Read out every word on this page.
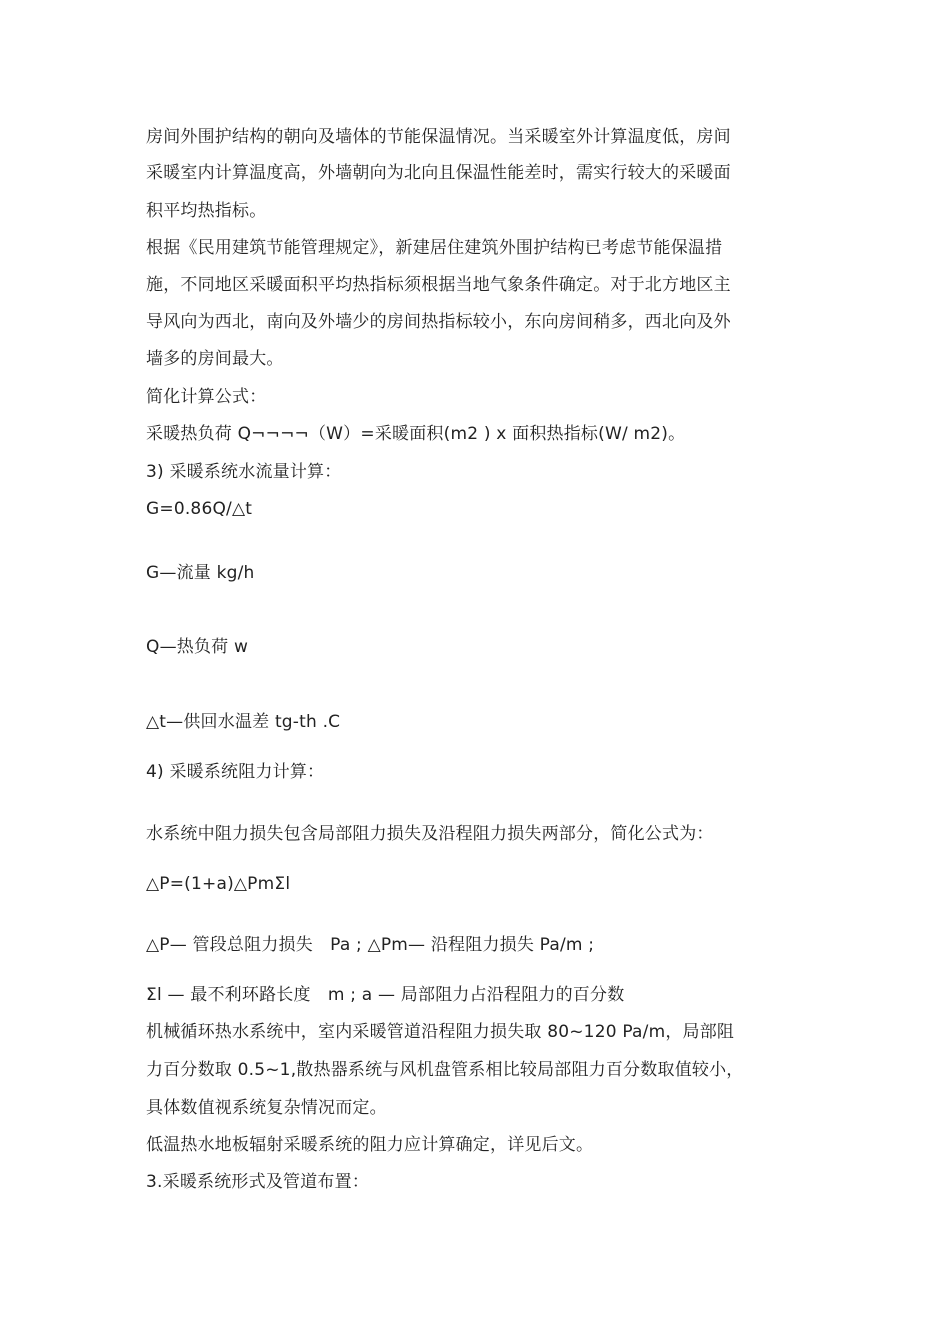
房间外围护结构的朝向及墙体的节能保温情况。当采暖室外计算温度低，房间
采暖室内计算温度高，外墙朝向为北向且保温性能差时，需实行较大的采暖面
积平均热指标。
根据《民用建筑节能管理规定》，新建居住建筑外围护结构已考虑节能保温措
施，不同地区采暖面积平均热指标须根据当地气象条件确定。对于北方地区主
导风向为西北，南向及外墙少的房间热指标较小，东向房间稍多，西北向及外
墙多的房间最大。
简化计算公式：
采暖热负荷 Q¬¬¬¬（W）=采暖面积(m2 ) x 面积热指标(W/ m2)。
3) 采暖系统水流量计算：
G=0.86Q/△t
G—流量 kg/h
Q—热负荷 w
△t—供回水温差 tg-th .C
4) 采暖系统阻力计算：
水系统中阻力损失包含局部阻力损失及沿程阻力损失两部分，简化公式为：
△P=(1+a)△PmΣl
△P— 管段总阻力损失　Pa ; △Pm— 沿程阻力损失 Pa/m ;
Σl — 最不利环路长度　m ; a — 局部阻力占沿程阻力的百分数
机械循环热水系统中，室内采暖管道沿程阻力损失取 80~120 Pa/m，局部阻
力百分数取 0.5~1,散热器系统与风机盘管系相比较局部阻力百分数取值较小，
具体数值视系统复杂情况而定。
低温热水地板辐射采暖系统的阻力应计算确定，详见后文。
3.采暖系统形式及管道布置：
